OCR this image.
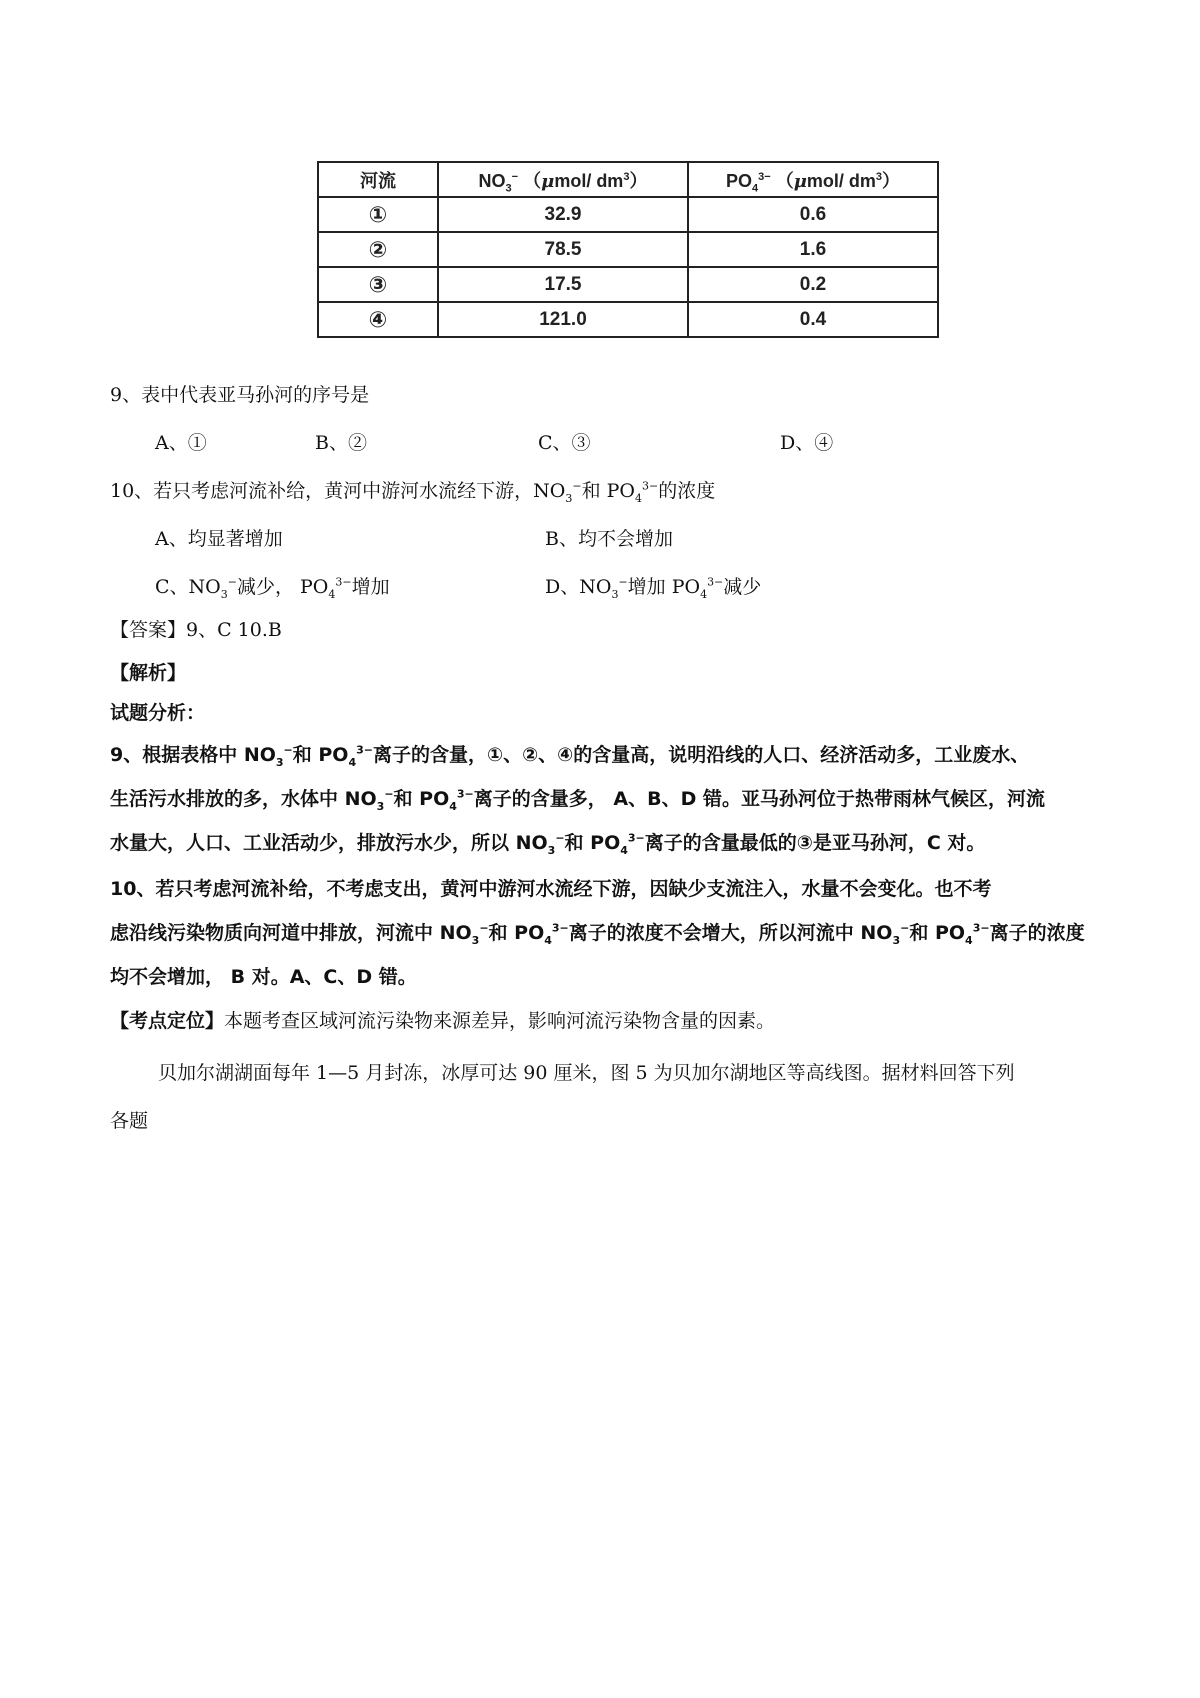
河流	$NO_3^-$ （μmol/ $dm^3$）	$PO_4^{3-}$ （μmol/ $dm^3$）
①	32.9	0.6
②	78.5	1.6
③	17.5	0.2
④	121.0	0.4
9、表中代表亚马孙河的序号是
A、①	B、②	C、③	D、④
10、若只考虑河流补给，黄河中游河水流经下游，$NO_3^-$和 $PO_4^{3-}$的浓度
A、均显著增加	B、均不会增加
C、$NO_3^-$减少， $PO_4^{3-}$增加	D、$NO_3^-$增加 $PO_4^{3-}$减少
【答案】9、C 10.B
【解析】
试题分析：
9、根据表格中 $NO_3^-$和 $PO_4^{3-}$离子的含量，①、②、④的含量高，说明沿线的人口、经济活动多，工业废水、
生活污水排放的多，水体中 $NO_3^-$和 $PO_4^{3-}$离子的含量多， A、B、D 错。亚马孙河位于热带雨林气候区，河流
水量大，人口、工业活动少，排放污水少，所以 $NO_3^-$和 $PO_4^{3-}$离子的含量最低的③是亚马孙河，C 对。
10、若只考虑河流补给，不考虑支出，黄河中游河水流经下游，因缺少支流注入，水量不会变化。也不考
虑沿线污染物质向河道中排放，河流中 $NO_3^-$和 $PO_4^{3-}$离子的浓度不会增大，所以河流中 $NO_3^-$和 $PO_4^{3-}$离子的浓度
均不会增加， B 对。A、C、D 错。
【考点定位】本题考查区域河流污染物来源差异，影响河流污染物含量的因素。
贝加尔湖湖面每年 1—5 月封冻，冰厚可达 90 厘米，图 5 为贝加尔湖地区等高线图。据材料回答下列
各题
